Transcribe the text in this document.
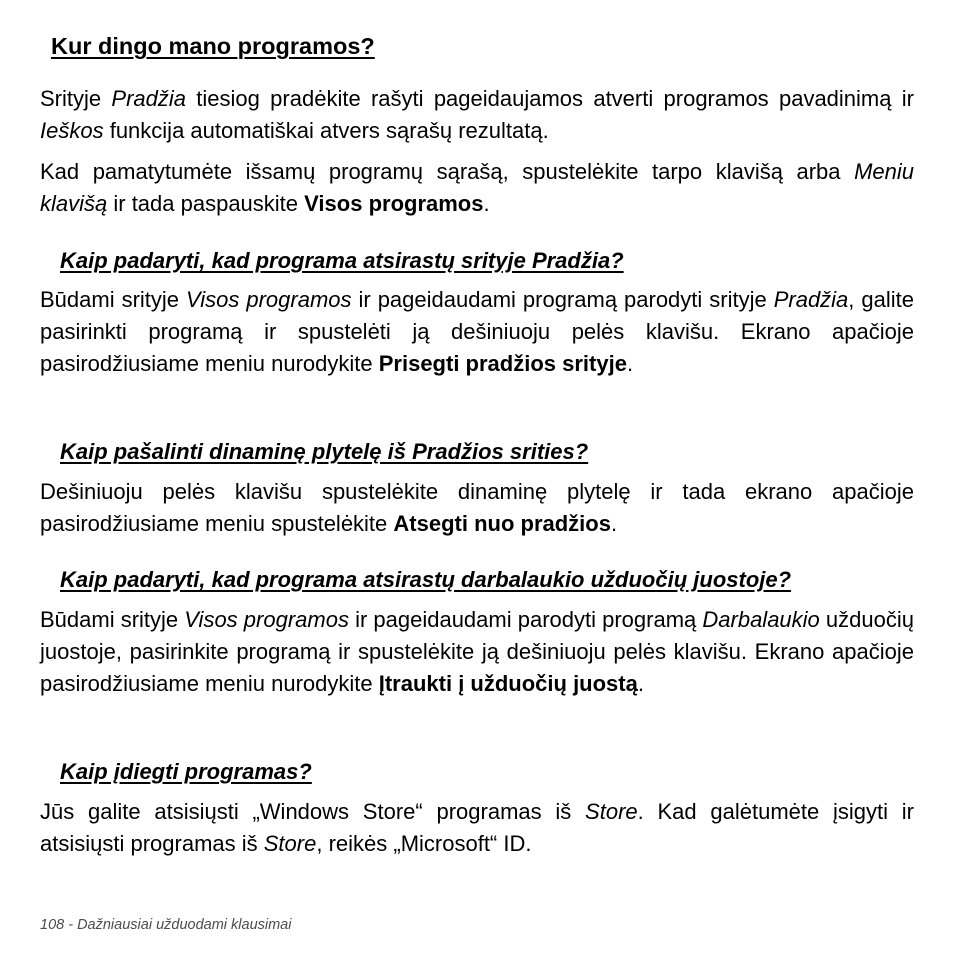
Kur dingo mano programos?

Srityje Pradžia tiesiog pradėkite rašyti pageidaujamos atverti programos pavadinimą ir Ieškos funkcija automatiškai atvers sąrašų rezultatą.

Kad pamatytumėte išsamų programų sąrašą, spustelėkite tarpo klavišą arba Meniu klavišą ir tada paspauskite Visos programos.

Kaip padaryti, kad programa atsirastų srityje Pradžia?

Būdami srityje Visos programos ir pageidaudami programą parodyti srityje Pradžia, galite pasirinkti programą ir spustelėti ją dešiniuoju pelės klavišu. Ekrano apačioje pasirodžiusiame meniu nurodykite Prisegti pradžios srityje.

Kaip pašalinti dinaminę plytelę iš Pradžios srities?

Dešiniuoju pelės klavišu spustelėkite dinaminę plytelę ir tada ekrano apačioje pasirodžiusiame meniu spustelėkite Atsegti nuo pradžios.

Kaip padaryti, kad programa atsirastų darbalaukio užduočių juostoje?

Būdami srityje Visos programos ir pageidaudami parodyti programą Darbalaukio užduočių juostoje, pasirinkite programą ir spustelėkite ją dešiniuoju pelės klavišu. Ekrano apačioje pasirodžiusiame meniu nurodykite Įtraukti į užduočių juostą.

Kaip įdiegti programas?

Jūs galite atsisiųsti „Windows Store“ programas iš Store. Kad galėtumėte įsigyti ir atsisiųsti programas iš Store, reikės „Microsoft“ ID.

108 - Dažniausiai užduodami klausimai
